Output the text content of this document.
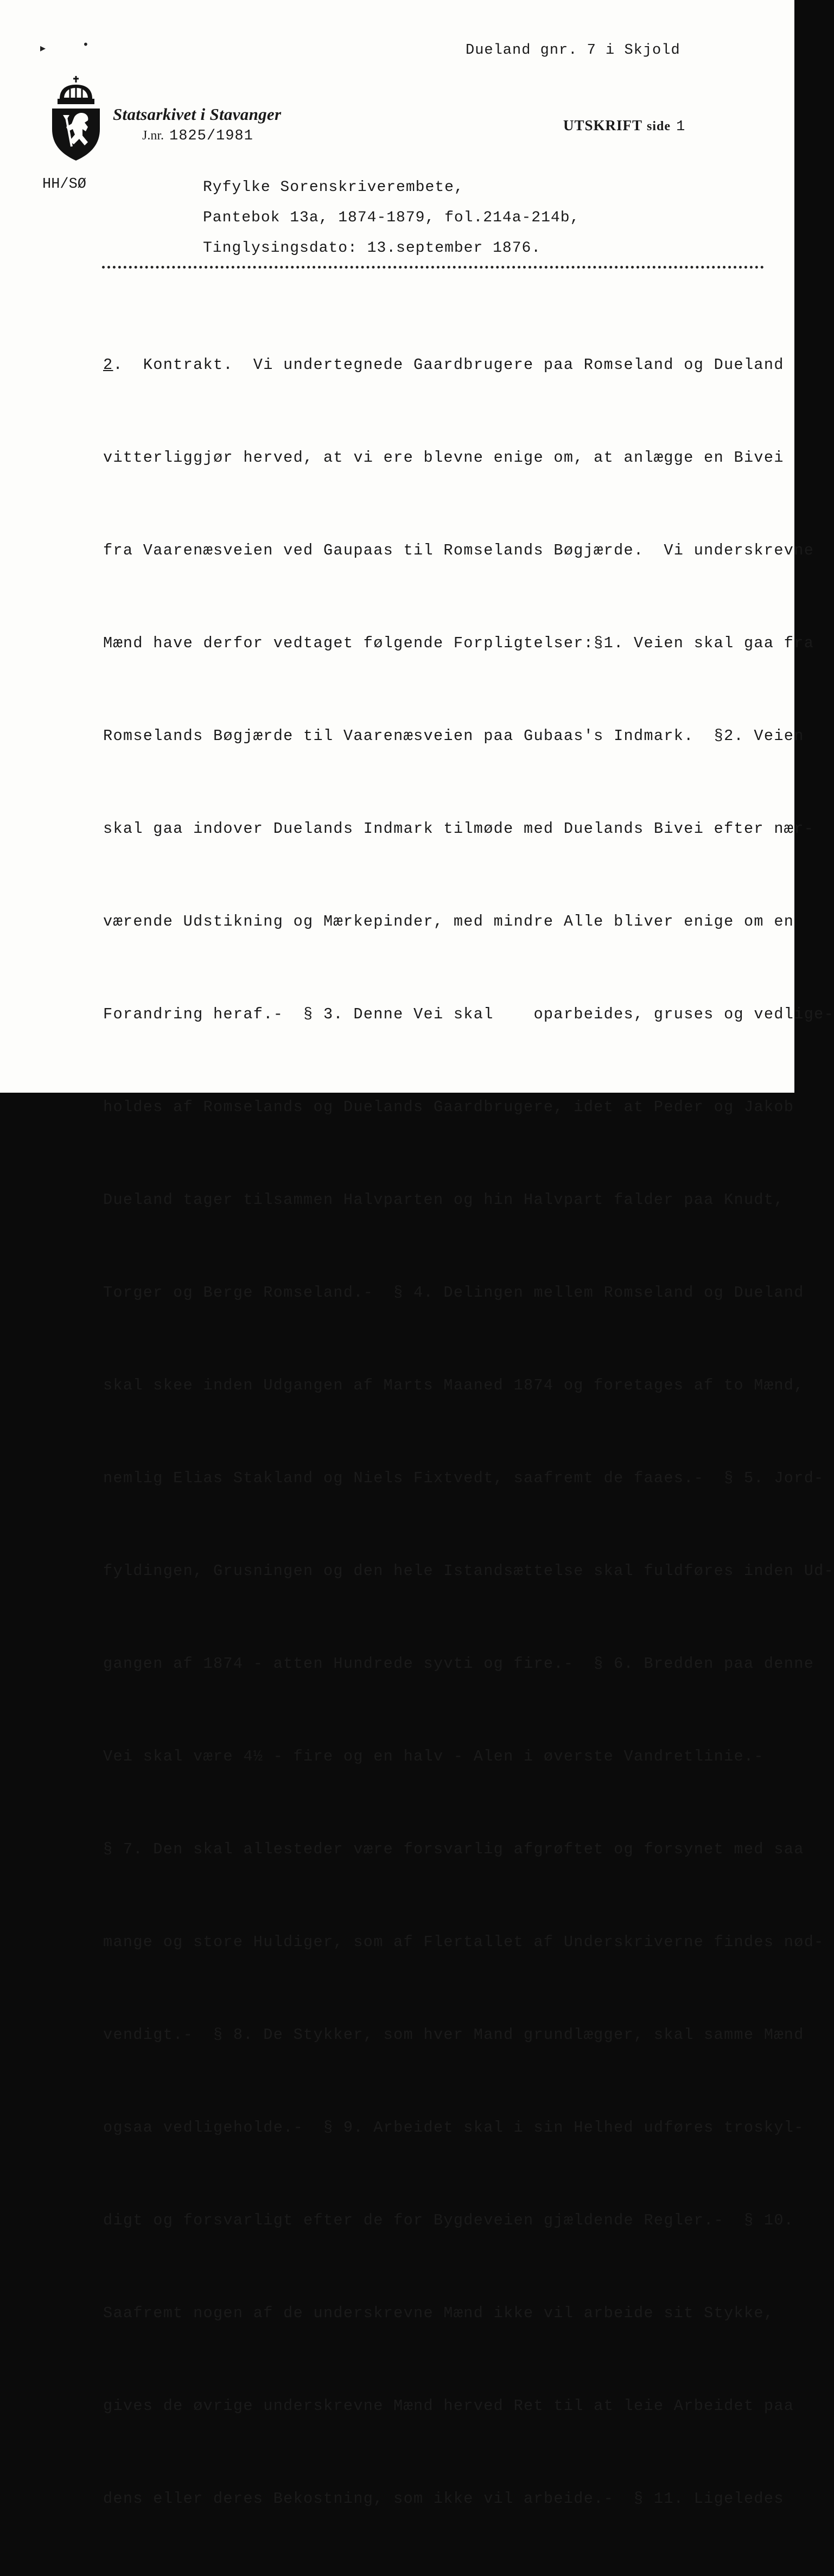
▸	•	Dueland gnr. 7 i Skjold
Statsarkivet i Stavanger
J.nr. 1825/1981
UTSKRIFT side 1
HH/SØ	Ryfylke Sorenskriverembete,
Pantebok 13a, 1874-1879, fol.214a-214b,
Tinglysingsdato: 13.september 1876.

2.  Kontrakt.  Vi undertegnede Gaardbrugere paa Romseland og Dueland

vitterliggjør herved, at vi ere blevne enige om, at anlægge en Bivei

fra Vaarenæsveien ved Gaupaas til Romselands Bøgjærde.  Vi underskrevne

Mænd have derfor vedtaget følgende Forpligtelser:§1. Veien skal gaa fra

Romselands Bøgjærde til Vaarenæsveien paa Gubaas's Indmark.  §2. Veien

skal gaa indover Duelands Indmark tilmøde med Duelands Bivei efter nær-

værende Udstikning og Mærkepinder, med mindre Alle bliver enige om en

Forandring heraf.-  § 3. Denne Vei skal    oparbeides, gruses og vedlige-

holdes af Romselands og Duelands Gaardbrugere, idet at Peder og Jakob

Dueland tager tilsammen Halvparten og hin Halvpart falder paa Knudt,

Torger og Berge Romseland.-  § 4. Delingen mellem Romseland og Dueland

skal skee inden Udgangen af Marts Maaned 1874 og foretages af to Mænd,

nemlig Elias Stakland og Niels Fixtvedt, saafremt de faaes.-  § 5. Jord-

fyldingen, Grusningen og den hele Istandsættelse skal fuldføres inden Ud-

gangen af 1874 - atten Hundrede syvti og fire.-  § 6. Bredden paa denne

Vei skal være 4½ - fire og en halv - Alen i øverste Vandretlinie.-

§ 7. Den skal allesteder være forsvarlig afgrøftet og forsynet med saa

mange og store Huldiger, som af Flertallet af Underskriverne findes nød-

vendigt.-  § 8. De Stykker, som hver Mand grundlægger, skal samme Mænd

ogsaa vedligeholde.-  § 9. Arbeidet skal i sin Helhed udføres troskyl-

digt og forsvarligt efter de for Bygdeveien gjældende Regler.-  § 10.

Saafremt nogen af de underskrevne Mænd ikke vil arbeide sit Stykke,

gives de øvrige underskrevne Mænd herved Ret til at leie Arbeidet paa

dens eller deres Bekostning, som ikke vil arbeide.-  § 11. Ligeledes
